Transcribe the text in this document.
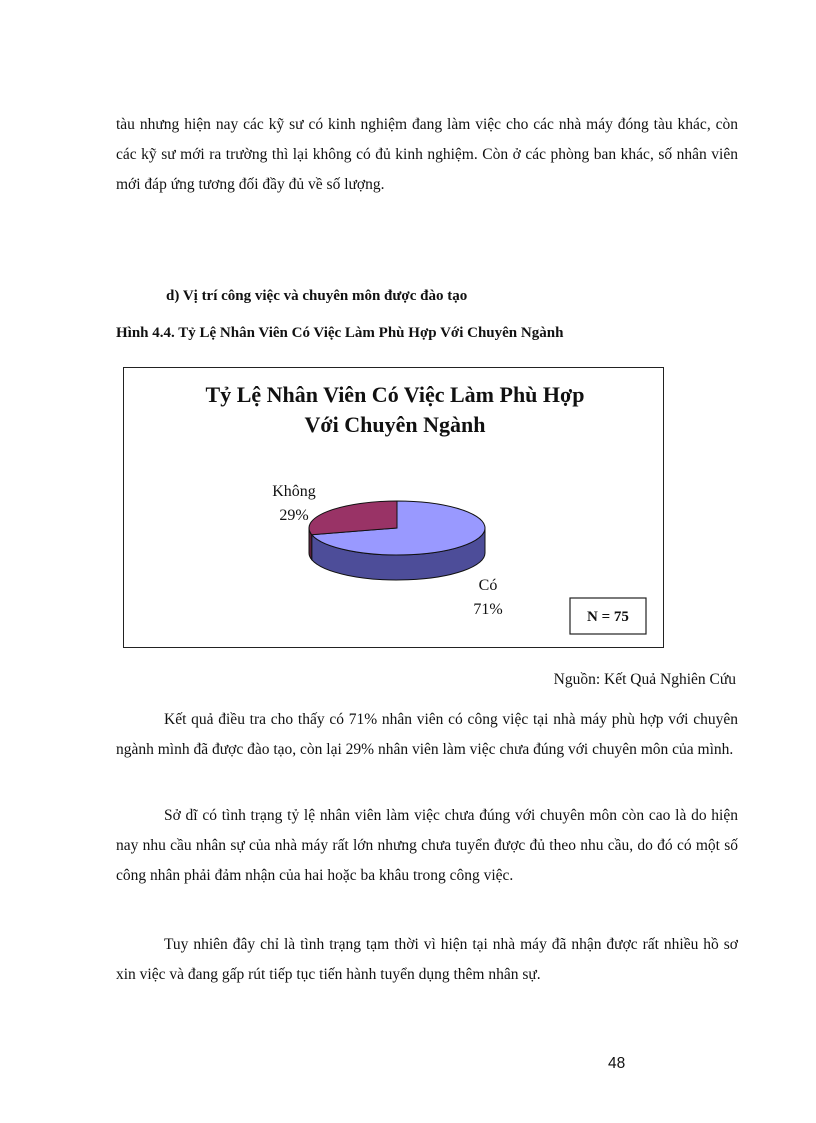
tàu nhưng hiện nay các kỹ sư có kinh nghiệm đang làm việc cho các nhà máy đóng tàu khác, còn các kỹ sư mới ra trường thì lại không có đủ kinh nghiệm. Còn ở các phòng ban khác, số nhân viên mới đáp ứng tương đối đầy đủ về số lượng.

d) Vị trí công việc và chuyên môn được đào tạo

Hình 4.4. Tỷ Lệ Nhân Viên Có Việc Làm Phù Hợp Với Chuyên Ngành

Tỷ Lệ Nhân Viên Có Việc Làm Phù Hợp
Với Chuyên Ngành
Không
29%
Có
71%	N = 75

Nguồn: Kết Quả Nghiên Cứu

Kết quả điều tra cho thấy có 71% nhân viên có công việc tại nhà máy phù hợp với chuyên ngành mình đã được đào tạo, còn lại 29% nhân viên làm việc chưa đúng với chuyên môn của mình.

Sở dĩ có tình trạng tỷ lệ nhân viên làm việc chưa đúng với chuyên môn còn cao là do hiện nay nhu cầu nhân sự của nhà máy rất lớn nhưng chưa tuyển được đủ theo nhu cầu, do đó có một số công nhân phải đảm nhận của hai hoặc ba khâu trong công việc.

Tuy nhiên đây chỉ là tình trạng tạm thời vì hiện tại nhà máy đã nhận được rất nhiều hồ sơ xin việc và đang gấp rút tiếp tục tiến hành tuyển dụng thêm nhân sự.

48
